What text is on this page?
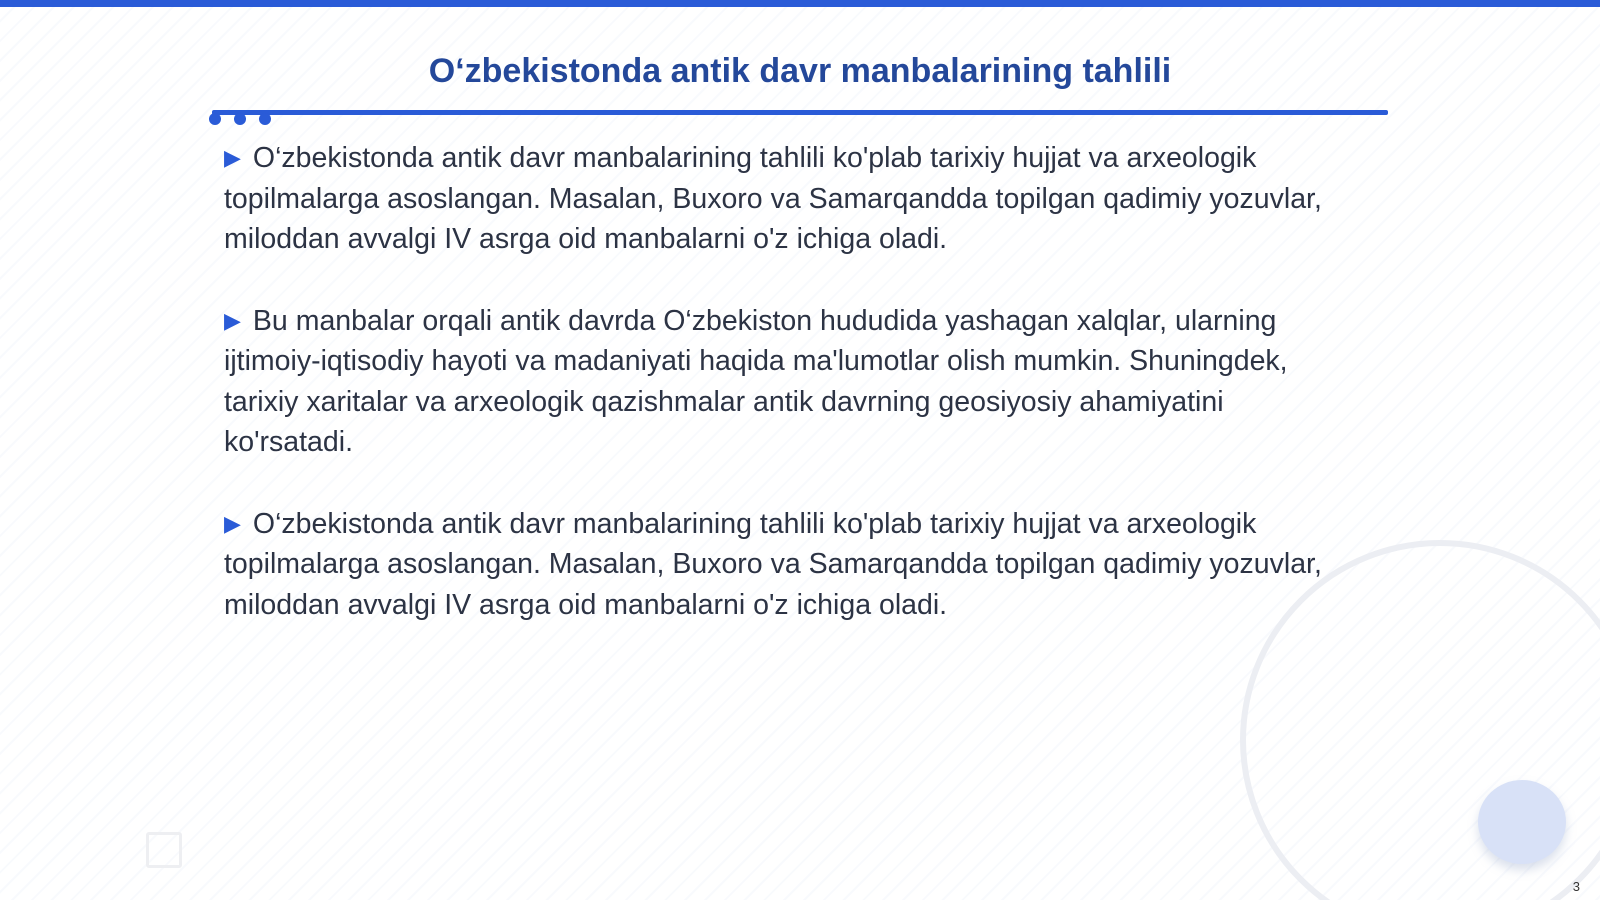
O‘zbekistonda antik davr manbalarining tahlili

▶ O‘zbekistonda antik davr manbalarining tahlili ko'plab tarixiy hujjat va arxeologik topilmalarga asoslangan. Masalan, Buxoro va Samarqandda topilgan qadimiy yozuvlar, miloddan avvalgi IV asrga oid manbalarni o'z ichiga oladi.

▶ Bu manbalar orqali antik davrda O‘zbekiston hududida yashagan xalqlar, ularning ijtimoiy-iqtisodiy hayoti va madaniyati haqida ma'lumotlar olish mumkin. Shuningdek, tarixiy xaritalar va arxeologik qazishmalar antik davrning geosiyosiy ahamiyatini ko'rsatadi.

▶ O‘zbekistonda antik davr manbalarining tahlili ko'plab tarixiy hujjat va arxeologik topilmalarga asoslangan. Masalan, Buxoro va Samarqandda topilgan qadimiy yozuvlar, miloddan avvalgi IV asrga oid manbalarni o'z ichiga oladi.

3
